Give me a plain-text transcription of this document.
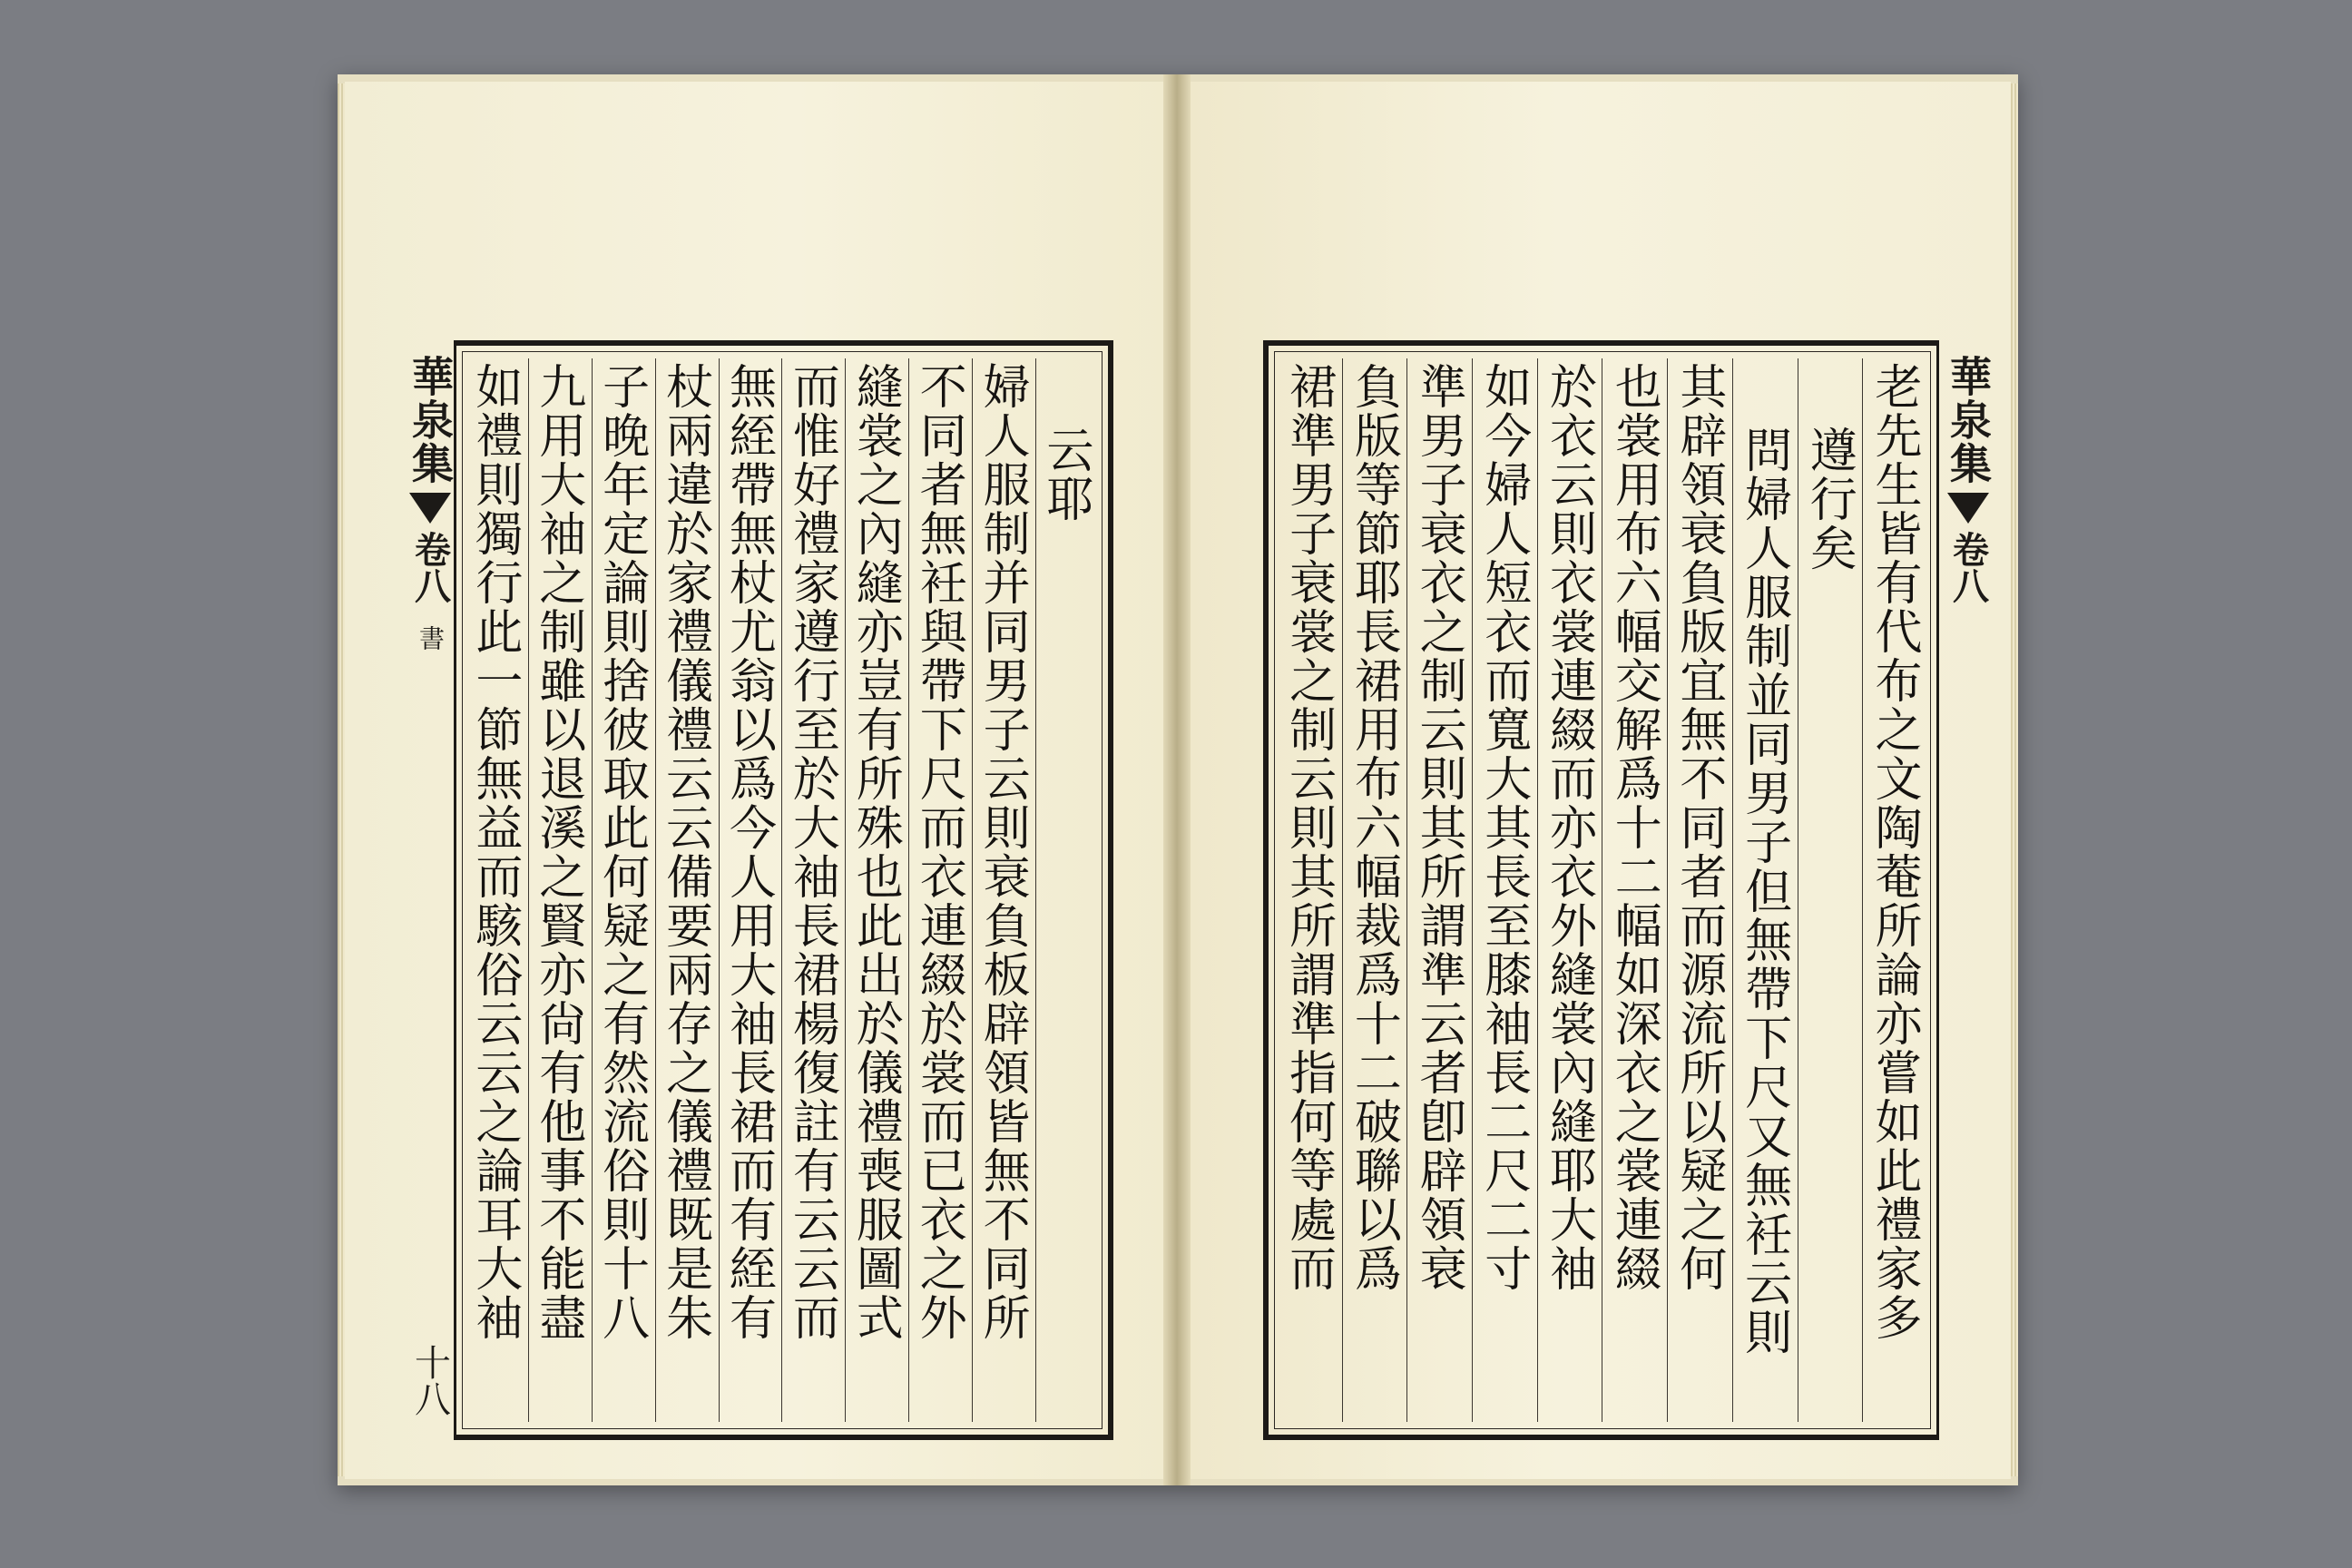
華泉集
卷八
書
十八
云耶
婦人服制并同男子云則衰負板辟領皆無不同所
不同者無衽與帶下尺而衣連綴於裳而已衣之外
縫裳之內縫亦豈有所殊也此出於儀禮喪服圖式
而惟好禮家遵行至於大袖長裙楊復註有云云而
無絰帶無杖尤翁以爲今人用大袖長裙而有絰有
杖兩違於家禮儀禮云云備要兩存之儀禮既是朱
子晚年定論則捨彼取此何疑之有然流俗則十八
九用大袖之制雖以退溪之賢亦尙有他事不能盡
如禮則獨行此一節無益而駭俗云云之論耳大袖	華泉集
卷八
老先生皆有代布之文陶菴所論亦嘗如此禮家多
遵行矣
問婦人服制並同男子但無帶下尺又無衽云則
其辟領衰負版宜無不同者而源流所以疑之何
也裳用布六幅交解爲十二幅如深衣之裳連綴
於衣云則衣裳連綴而亦衣外縫裳內縫耶大袖
如今婦人短衣而寬大其長至膝袖長二尺二寸
準男子衰衣之制云則其所謂準云者卽辟領衰
負版等節耶長裙用布六幅裁爲十二破聯以爲
裙準男子衰裳之制云則其所謂準指何等處而
